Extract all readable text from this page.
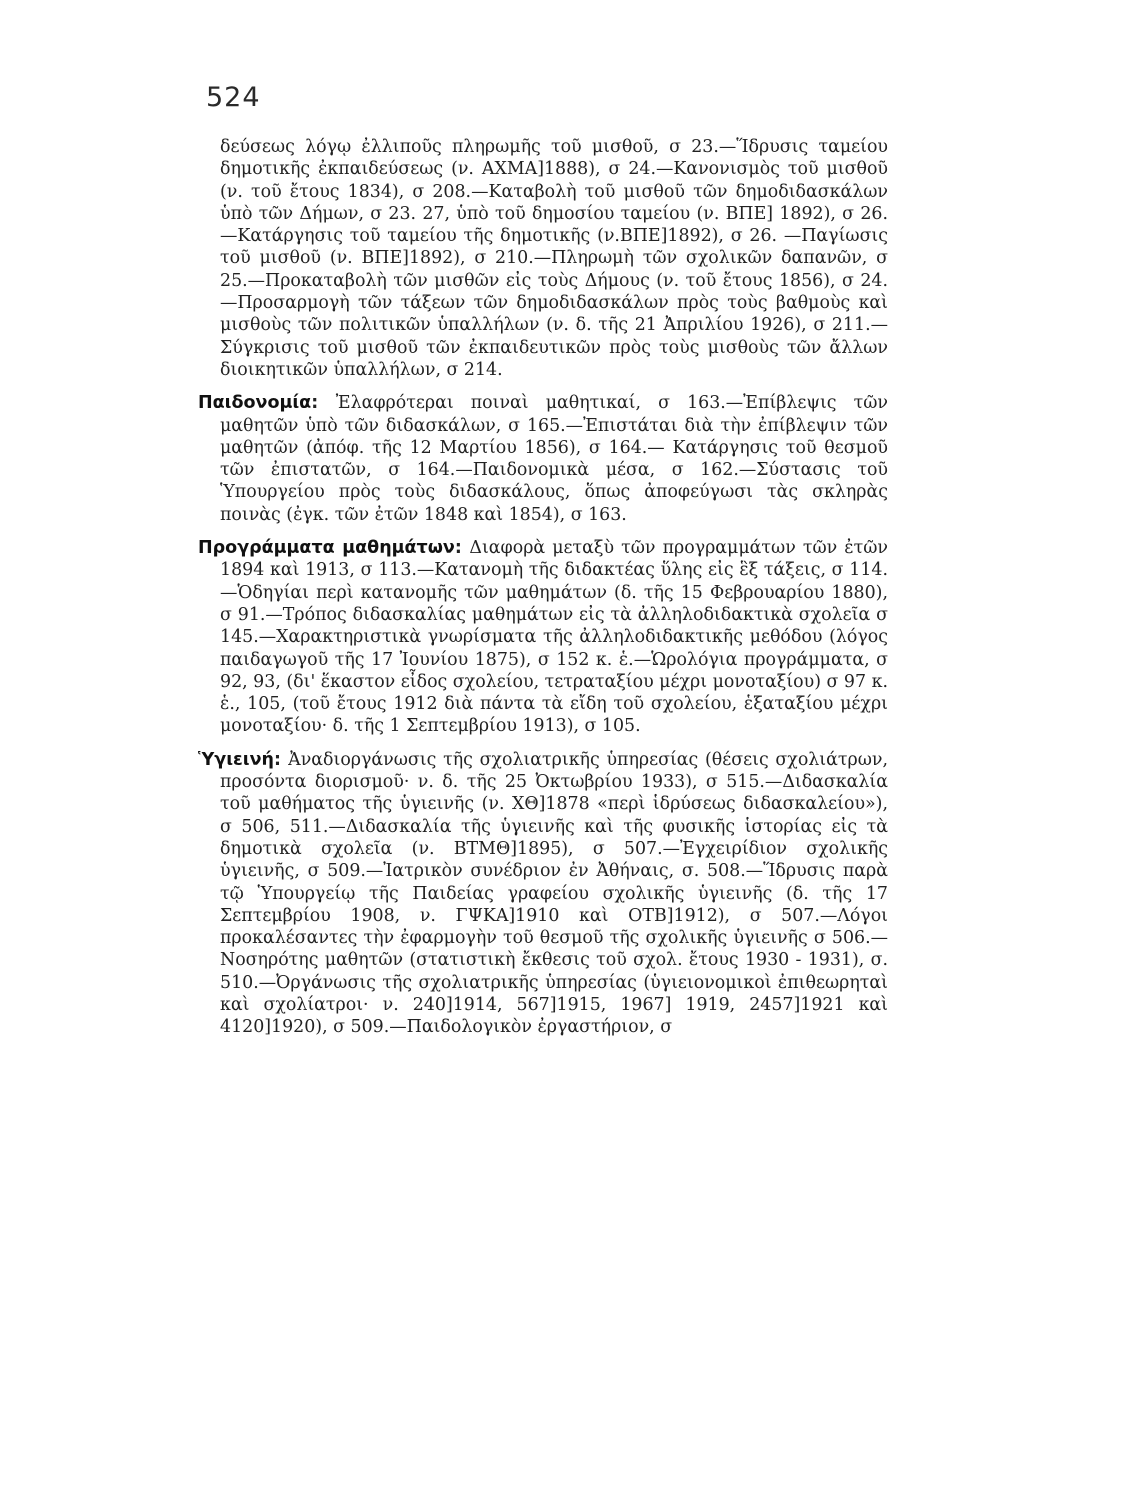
524

δεύσεως λόγῳ ἐλλιποῦς πληρωμῆς τοῦ μισθοῦ, σ 23.—Ἵδρυσις ταμείου δημοτικῆς ἐκπαιδεύσεως (ν. ΑΧΜΑ]1888), σ 24.—Κανονισμὸς τοῦ μισθοῦ (ν. τοῦ ἔτους 1834), σ 208.—Καταβολὴ τοῦ μισθοῦ τῶν δημοδιδασκάλων ὑπὸ τῶν Δήμων, σ 23. 27, ὑπὸ τοῦ δημοσίου ταμείου (ν. ΒΠΕ] 1892), σ 26.—Κατάργησις τοῦ ταμείου τῆς δημοτικῆς (ν.ΒΠΕ]1892), σ 26. —Παγίωσις τοῦ μισθοῦ (ν. ΒΠΕ]1892), σ 210.—Πληρωμὴ τῶν σχολικῶν δαπανῶν, σ 25.—Προκαταβολὴ τῶν μισθῶν εἰς τοὺς Δήμους (ν. τοῦ ἔτους 1856), σ 24.—Προσαρμογὴ τῶν τάξεων τῶν δημοδιδασκάλων πρὸς τοὺς βαθμοὺς καὶ μισθοὺς τῶν πολιτικῶν ὑπαλλήλων (ν. δ. τῆς 21 Ἀπριλίου 1926), σ 211.—Σύγκρισις τοῦ μισθοῦ τῶν ἐκπαιδευτικῶν πρὸς τοὺς μισθοὺς τῶν ἄλλων διοικητικῶν ὑπαλλήλων, σ 214.

Παιδονομία: Ἐλαφρότεραι ποιναὶ μαθητικαί, σ 163.—Ἐπίβλεψις τῶν μαθητῶν ὑπὸ τῶν διδασκάλων, σ 165.—Ἐπιστάται διὰ τὴν ἐπίβλεψιν τῶν μαθητῶν (ἀπόφ. τῆς 12 Μαρτίου 1856), σ 164.— Κατάργησις τοῦ θεσμοῦ τῶν ἐπιστατῶν, σ 164.—Παιδονομικὰ μέσα, σ 162.—Σύστασις τοῦ Ὑπουργείου πρὸς τοὺς διδασκάλους, ὅπως ἀποφεύγωσι τὰς σκληρὰς ποινὰς (ἐγκ. τῶν ἐτῶν 1848 καὶ 1854), σ 163.

Προγράμματα μαθημάτων: Διαφορὰ μεταξὺ τῶν προγραμμάτων τῶν ἐτῶν 1894 καὶ 1913, σ 113.—Κατανομὴ τῆς διδακτέας ὕλης εἰς ἓξ τάξεις, σ 114.—Ὁδηγίαι περὶ κατανομῆς τῶν μαθημάτων (δ. τῆς 15 Φεβρουαρίου 1880), σ 91.—Τρόπος διδασκαλίας μαθημάτων εἰς τὰ ἀλληλοδιδακτικὰ σχολεῖα σ 145.—Χαρακτηριστικὰ γνωρίσματα τῆς ἀλληλοδιδακτικῆς μεθόδου (λόγος παιδαγωγοῦ τῆς 17 Ἰουνίου 1875), σ 152 κ. ἑ.—Ὡρολόγια προγράμματα, σ 92, 93, (δι' ἕκαστον εἶδος σχολείου, τετραταξίου μέχρι μονοταξίου) σ 97 κ. ἑ., 105, (τοῦ ἔτους 1912 διὰ πάντα τὰ εἴδη τοῦ σχολείου, ἑξαταξίου μέχρι μονοταξίου· δ. τῆς 1 Σεπτεμβρίου 1913), σ 105.

Ὑγιεινή: Ἀναδιοργάνωσις τῆς σχολιατρικῆς ὑπηρεσίας (θέσεις σχολιάτρων, προσόντα διορισμοῦ· ν. δ. τῆς 25 Ὀκτωβρίου 1933), σ 515.—Διδασκαλία τοῦ μαθήματος τῆς ὑγιεινῆς (ν. ΧΘ]1878 «περὶ ἱδρύσεως διδασκαλείου»), σ 506, 511.—Διδασκαλία τῆς ὑγιεινῆς καὶ τῆς φυσικῆς ἱστορίας εἰς τὰ δημοτικὰ σχολεῖα (ν. ΒΤΜΘ]1895), σ 507.—Ἐγχειρίδιον σχολικῆς ὑγιεινῆς, σ 509.—Ἰατρικὸν συνέδριον ἐν Ἀθήναις, σ. 508.—Ἵδρυσις παρὰ τῷ Ὑπουργείῳ τῆς Παιδείας γραφείου σχολικῆς ὑγιεινῆς (δ. τῆς 17 Σεπτεμβρίου 1908, ν. ΓΨΚΑ]1910 καὶ ΟΤΒ]1912), σ 507.—Λόγοι προκαλέσαντες τὴν ἐφαρμογὴν τοῦ θεσμοῦ τῆς σχολικῆς ὑγιεινῆς σ 506.—Νοσηρότης μαθητῶν (στατιστικὴ ἔκθεσις τοῦ σχολ. ἔτους 1930 - 1931), σ. 510.—Ὀργάνωσις τῆς σχολιατρικῆς ὑπηρεσίας (ὑγιειονομικοὶ ἐπιθεωρηταὶ καὶ σχολίατροι· ν. 240]1914, 567]1915, 1967] 1919, 2457]1921 καὶ 4120]1920), σ 509.—Παιδολογικὸν ἐργαστήριον, σ
